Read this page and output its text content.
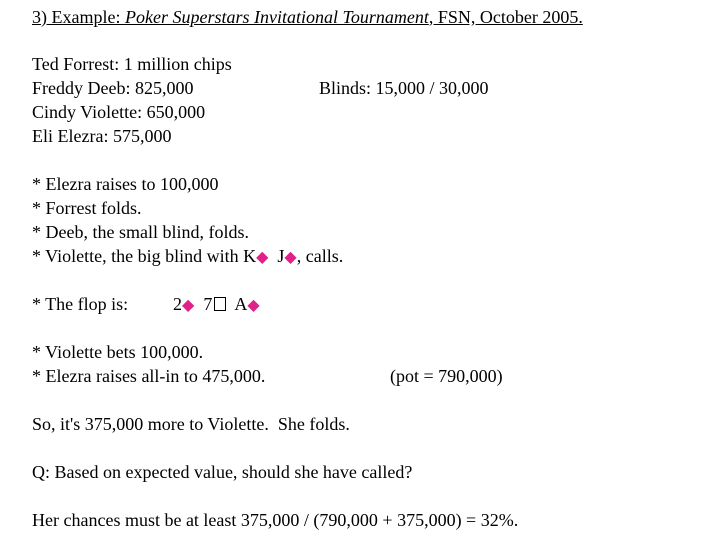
3) Example: Poker Superstars Invitational Tournament, FSN, October 2005.
Ted Forrest: 1 million chips
Freddy Deeb: 825,000
Cindy Violette: 650,000
Eli Elezra: 575,000
Blinds: 15,000 / 30,000
* Elezra raises to 100,000
* Forrest folds.
* Deeb, the small blind, folds.
* Violette, the big blind with K◆ J◆, calls.
* The flop is: 2◆ 7 A◆
* Violette bets 100,000.
* Elezra raises all-in to 475,000.	(pot = 790,000)
So, it's 375,000 more to Violette.  She folds.
Q: Based on expected value, should she have called?
Her chances must be at least 375,000 / (790,000 + 375,000) = 32%.
